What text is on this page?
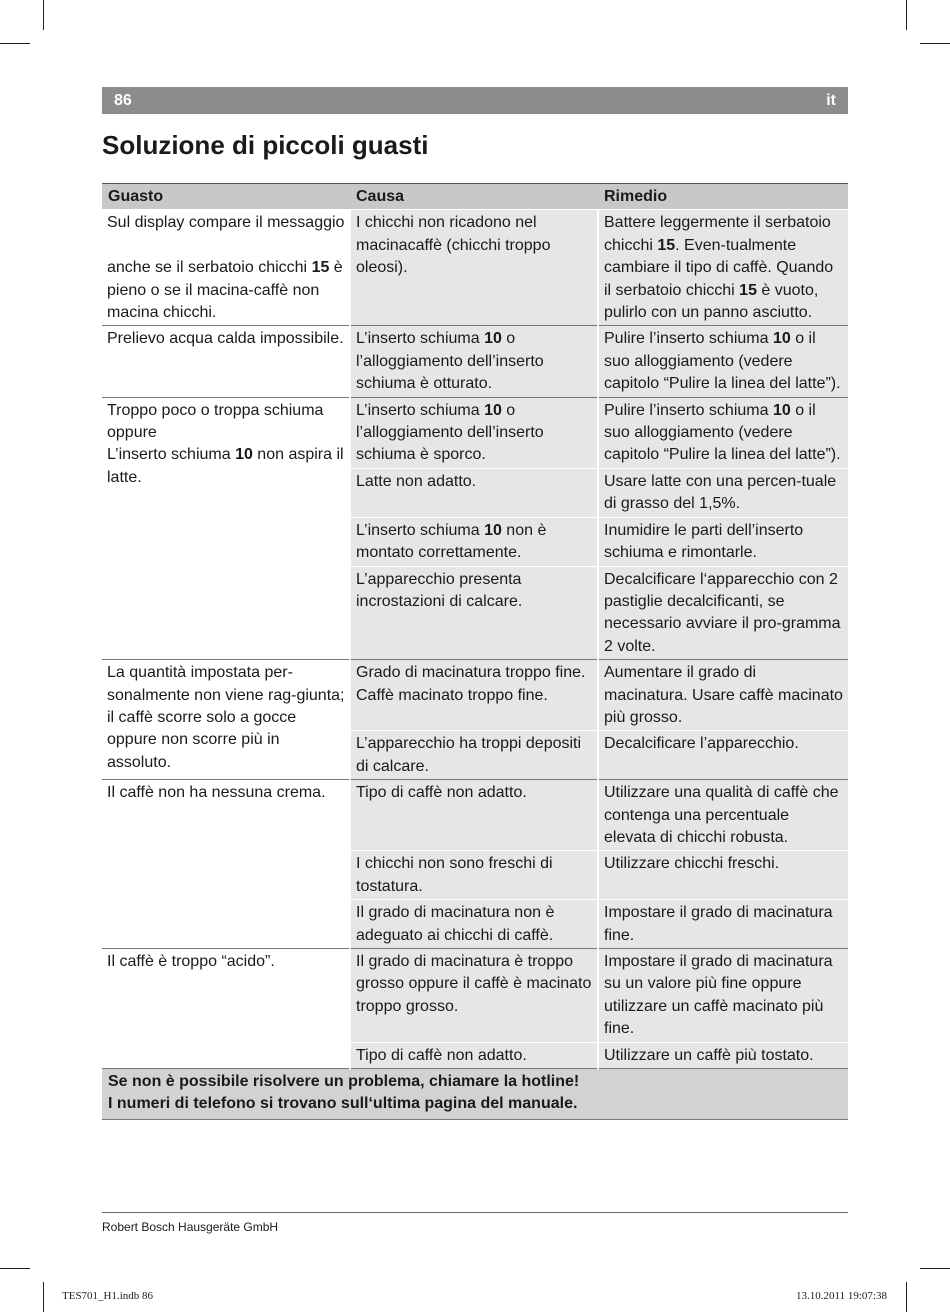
86	it
Soluzione di piccoli guasti
Guasto	Causa	Rimedio

Sul display compare il messaggio
anche se il serbatoio chicchi 15 è pieno o se il macina-caffè non macina chicchi.	I chicchi non ricadono nel macinacaffè (chicchi troppo oleosi).	Battere leggermente il serbatoio chicchi 15. Even-tualmente cambiare il tipo di caffè. Quando il serbatoio chicchi 15 è vuoto, pulirlo con un panno asciutto.
Prelievo acqua calda impossibile.	L’inserto schiuma 10 o l’alloggiamento dell’inserto schiuma è otturato.	Pulire l’inserto schiuma 10 o il suo alloggiamento (vedere capitolo “Pulire la linea del latte”).

Troppo poco o troppa schiuma
oppure
L’inserto schiuma 10 non aspira il latte.	L’inserto schiuma 10 o l’alloggiamento dell’inserto schiuma è sporco.	Pulire l’inserto schiuma 10 o il suo alloggiamento (vedere capitolo “Pulire la linea del latte”).
	Latte non adatto.	Usare latte con una percen-tuale di grasso del 1,5%.
	L’inserto schiuma 10 non è montato correttamente.	Inumidire le parti dell’inserto schiuma e rimontarle.
	L’apparecchio presenta incrostazioni di calcare.	Decalcificare l‘apparecchio con 2 pastiglie decalcificanti, se necessario avviare il pro-gramma 2 volte.
La quantità impostata per-sonalmente non viene rag-giunta; il caffè scorre solo a gocce oppure non scorre più in assoluto.	Grado di macinatura troppo fine. Caffè macinato troppo fine.	Aumentare il grado di macinatura. Usare caffè macinato più grosso.
	L’apparecchio ha troppi depositi di calcare.	Decalcificare l’apparecchio.
Il caffè non ha nessuna crema.	Tipo di caffè non adatto.	Utilizzare una qualità di caffè che contenga una percentuale elevata di chicchi robusta.
	I chicchi non sono freschi di tostatura.	Utilizzare chicchi freschi.
	Il grado di macinatura non è adeguato ai chicchi di caffè.	Impostare il grado di macinatura fine.
Il caffè è troppo “acido”.	Il grado di macinatura è troppo grosso oppure il caffè è macinato troppo grosso.	Impostare il grado di macinatura su un valore più fine oppure utilizzare un caffè macinato più fine.
	Tipo di caffè non adatto.	Utilizzare un caffè più tostato.

Se non è possibile risolvere un problema, chiamare la hotline!
I numeri di telefono si trovano sull‘ultima pagina del manuale.		
Robert Bosch Hausgeräte GmbH
TES701_H1.indb 86	13.10.2011 19:07:38
